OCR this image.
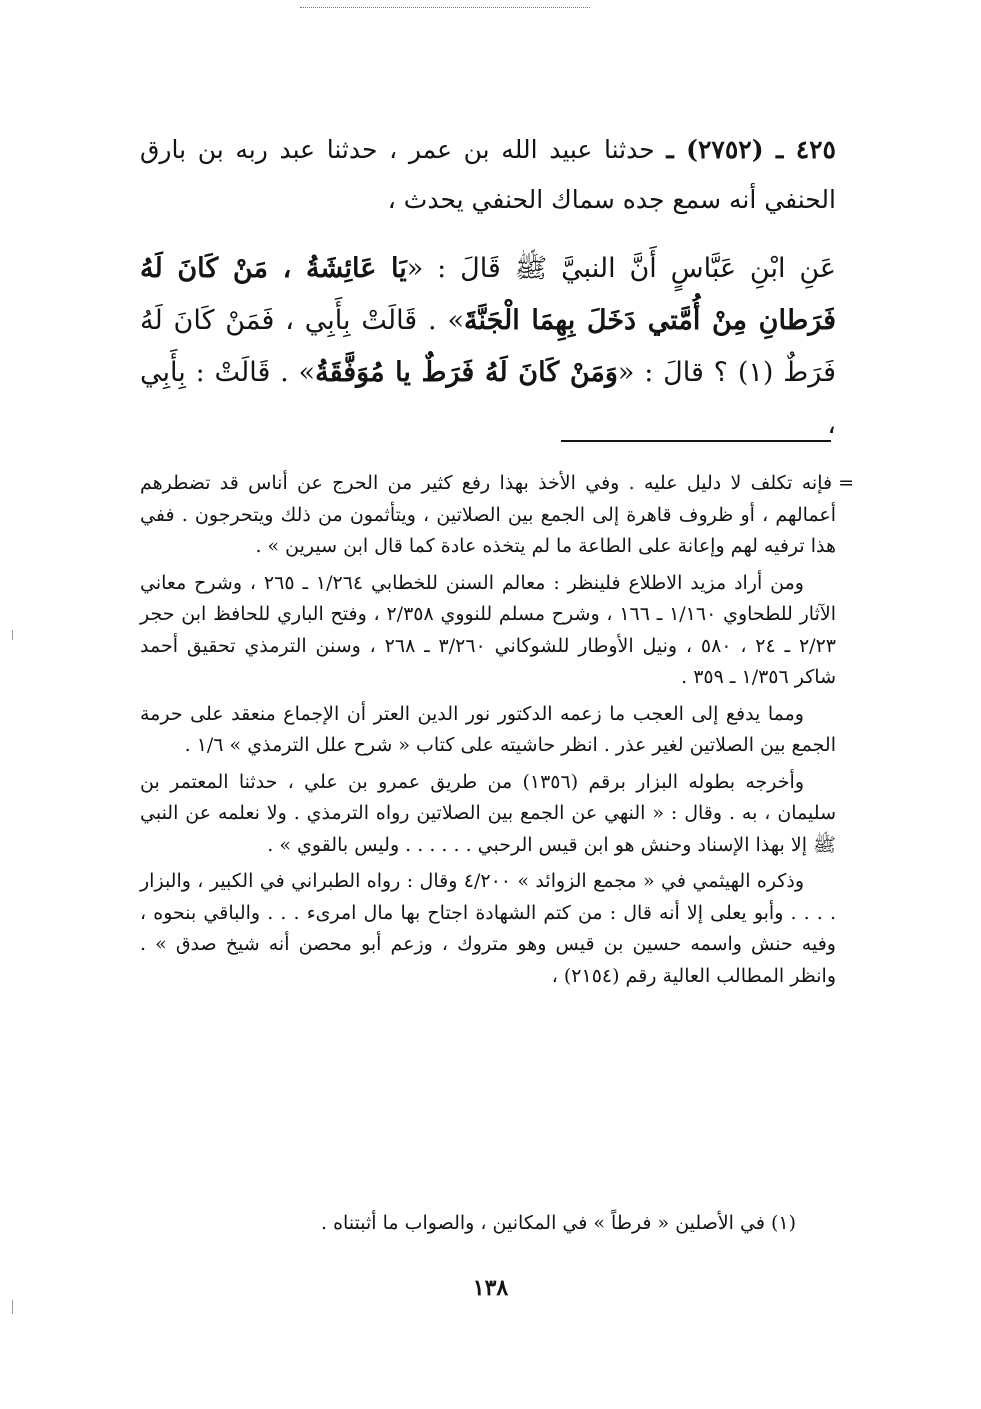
٤٢٥ ـ (٢٧٥٢) ـ حدثنا عبيد الله بن عمر ، حدثنا عبد ربه بن بارق الحنفي أنه سمع جده سماك الحنفي يحدث ،

عَنِ ابْنِ عَبَّاسٍ أَنَّ النبيَّ ﷺ قَالَ : «يَا عَائِشَةُ ، مَنْ كَانَ لَهُ فَرَطانِ مِنْ أُمَّتي دَخَلَ بِهِمَا الْجَنَّةَ» . قَالَتْ بِأَبِي ، فَمَنْ كَانَ لَهُ فَرَطٌ (١) ؟ قالَ : «وَمَنْ كَانَ لَهُ فَرَطٌ يا مُوَفَّقَةُ» . قَالَتْ : بِأَبِي ،

=فإنه تكلف لا دليل عليه . وفي الأخذ بهذا رفع كثير من الحرج عن أناس قد تضطرهم أعمالهم ، أو ظروف قاهرة إلى الجمع بين الصلاتين ، ويتأثمون من ذلك ويتحرجون . ففي هذا ترفيه لهم وإعانة على الطاعة ما لم يتخذه عادة كما قال ابن سيرين » .

ومن أراد مزيد الاطلاع فلينظر : معالم السنن للخطابي ١/٢٦٤ ـ ٢٦٥ ، وشرح معاني الآثار للطحاوي ١/١٦٠ ـ ١٦٦ ، وشرح مسلم للنووي ٢/٣٥٨ ، وفتح الباري للحافظ ابن حجر ٢/٢٣ ـ ٢٤ ، ٥٨٠ ، ونيل الأوطار للشوكاني ٣/٢٦٠ ـ ٢٦٨ ، وسنن الترمذي تحقيق أحمد شاكر ١/٣٥٦ ـ ٣٥٩ .

ومما يدفع إلى العجب ما زعمه الدكتور نور الدين العتر أن الإجماع منعقد على حرمة الجمع بين الصلاتين لغير عذر . انظر حاشيته على كتاب « شرح علل الترمذي » ١/٦ .

وأخرجه بطوله البزار برقم (١٣٥٦) من طريق عمرو بن علي ، حدثنا المعتمر بن سليمان ، به . وقال : « النهي عن الجمع بين الصلاتين رواه الترمذي . ولا نعلمه عن النبي ﷺ إلا بهذا الإسناد وحنش هو ابن قيس الرحبي . . . . . . وليس بالقوي » .

وذكره الهيثمي في « مجمع الزوائد » ٤/٢٠٠ وقال : رواه الطبراني في الكبير ، والبزار . . . . وأبو يعلى إلا أنه قال : من كتم الشهادة اجتاح بها مال امرىء . . . والباقي بنحوه ، وفيه حنش واسمه حسين بن قيس وهو متروك ، وزعم أبو محصن أنه شيخ صدق » . وانظر المطالب العالية رقم (٢١٥٤) ،

(١) في الأصلين « فرطاً » في المكانين ، والصواب ما أثبتناه .
١٣٨
